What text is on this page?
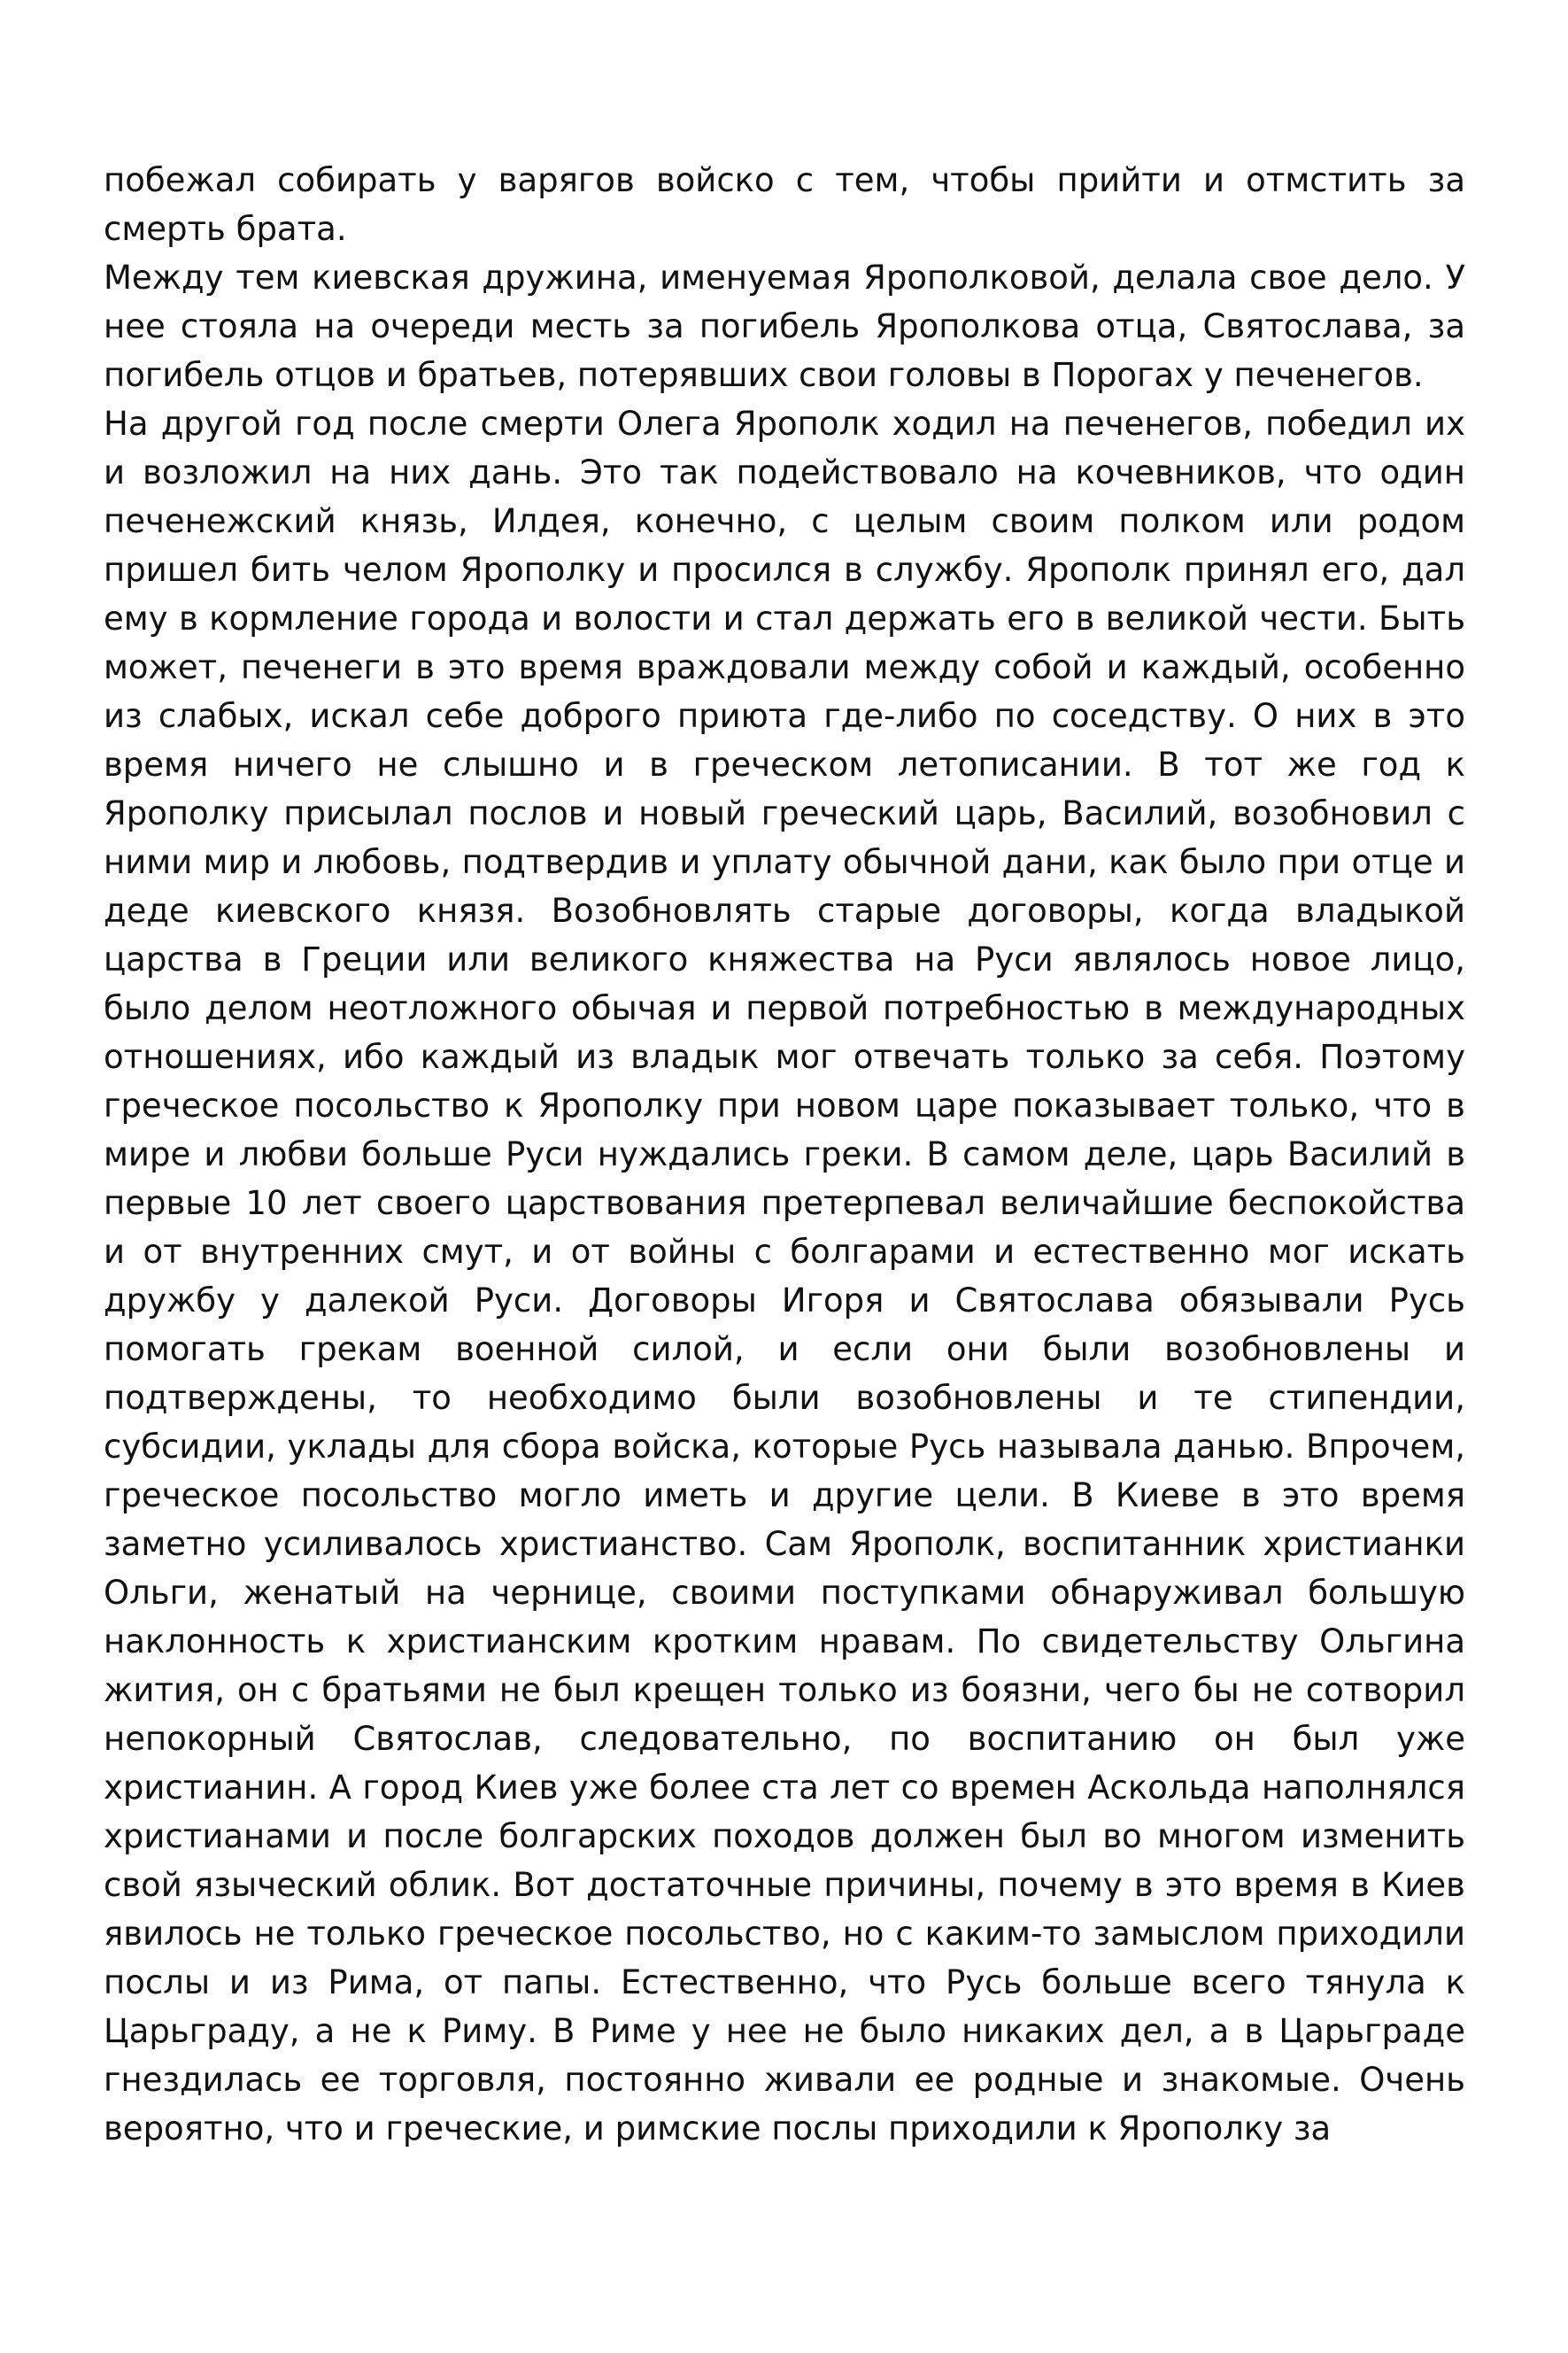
побежал собирать у варягов войско с тем, чтобы прийти и отмстить за смерть брата.

Между тем киевская дружина, именуемая Ярополковой, делала свое дело. У нее стояла на очереди месть за погибель Ярополкова отца, Святослава, за погибель отцов и братьев, потерявших свои головы в Порогах у печенегов.

На другой год после смерти Олега Ярополк ходил на печенегов, победил их и возложил на них дань. Это так подействовало на кочевников, что один печенежский князь, Илдея, конечно, с целым своим полком или родом пришел бить челом Ярополку и просился в службу. Ярополк принял его, дал ему в кормление города и волости и стал держать его в великой чести. Быть может, печенеги в это время враждовали между собой и каждый, особенно из слабых, искал себе доброго приюта где-либо по соседству. О них в это время ничего не слышно и в греческом летописании. В тот же год к Ярополку присылал послов и новый греческий царь, Василий, возобновил с ними мир и любовь, подтвердив и уплату обычной дани, как было при отце и деде киевского князя. Возобновлять старые договоры, когда владыкой царства в Греции или великого княжества на Руси являлось новое лицо, было делом неотложного обычая и первой потребностью в международных отношениях, ибо каждый из владык мог отвечать только за себя. Поэтому греческое посольство к Ярополку при новом царе показывает только, что в мире и любви больше Руси нуждались греки. В самом деле, царь Василий в первые 10 лет своего царствования претерпевал величайшие беспокойства и от внутренних смут, и от войны с болгарами и естественно мог искать дружбу у далекой Руси. Договоры Игоря и Святослава обязывали Русь помогать грекам военной силой, и если они были возобновлены и подтверждены, то необходимо были возобновлены и те стипендии, субсидии, уклады для сбора войска, которые Русь называла данью. Впрочем, греческое посольство могло иметь и другие цели. В Киеве в это время заметно усиливалось христианство. Сам Ярополк, воспитанник христианки Ольги, женатый на чернице, своими поступками обнаруживал большую наклонность к христианским кротким нравам. По свидетельству Ольгина жития, он с братьями не был крещен только из боязни, чего бы не сотворил непокорный Святослав, следовательно, по воспитанию он был уже христианин. А город Киев уже более ста лет со времен Аскольда наполнялся христианами и после болгарских походов должен был во многом изменить свой языческий облик. Вот достаточные причины, почему в это время в Киев явилось не только греческое посольство, но с каким-то замыслом приходили послы и из Рима, от папы. Естественно, что Русь больше всего тянула к Царьграду, а не к Риму. В Риме у нее не было никаких дел, а в Царьграде гнездилась ее торговля, постоянно живали ее родные и знакомые. Очень вероятно, что и греческие, и римские послы приходили к Ярополку за
